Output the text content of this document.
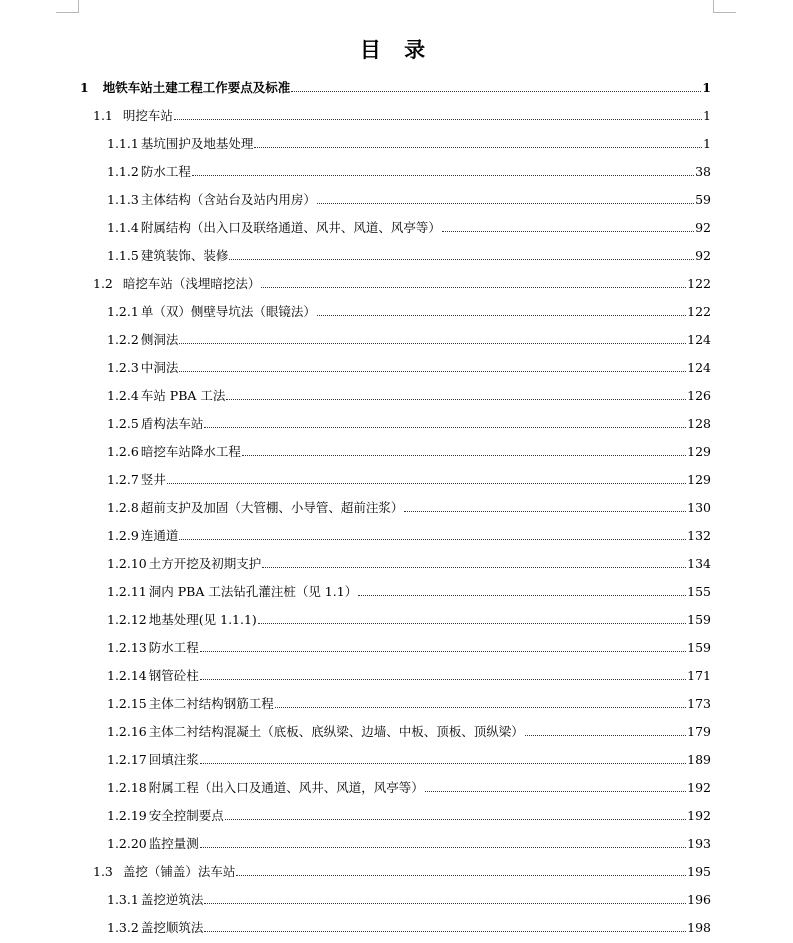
目 录
1 地铁车站土建工程工作要点及标准	1
1.1 明挖车站	1
1.1.1 基坑围护及地基处理	1
1.1.2 防水工程	38
1.1.3 主体结构（含站台及站内用房）	59
1.1.4 附属结构（出入口及联络通道、风井、风道、风亭等）	92
1.1.5 建筑装饰、装修	92
1.2 暗挖车站（浅埋暗挖法）	122
1.2.1 单（双）侧壁导坑法（眼镜法）	122
1.2.2 侧洞法	124
1.2.3 中洞法	124
1.2.4 车站 PBA 工法	126
1.2.5 盾构法车站	128
1.2.6 暗挖车站降水工程	129
1.2.7 竖井	129
1.2.8 超前支护及加固（大管棚、小导管、超前注浆）	130
1.2.9 连通道	132
1.2.10 土方开挖及初期支护	134
1.2.11 洞内 PBA 工法钻孔灌注桩（见 1.1）	155
1.2.12 地基处理(见 1.1.1)	159
1.2.13 防水工程	159
1.2.14 钢管砼柱	171
1.2.15 主体二衬结构钢筋工程	173
1.2.16 主体二衬结构混凝土（底板、底纵梁、边墙、中板、顶板、顶纵梁）	179
1.2.17 回填注浆	189
1.2.18 附属工程（出入口及通道、风井、风道，风亭等）	192
1.2.19 安全控制要点	192
1.2.20 监控量测	193
1.3 盖挖（铺盖）法车站	195
1.3.1 盖挖逆筑法	196
1.3.2 盖挖顺筑法	198
